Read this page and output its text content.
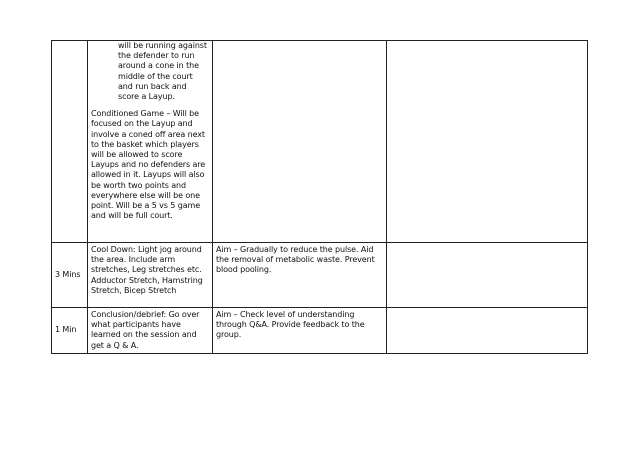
	will be running against the defender to run around a cone in the middle of the court and run back and score a Layup.
Conditioned Game – Will be focused on the Layup and involve a coned off area next to the basket which players will be allowed to score Layups and no defenders are allowed in it. Layups will also be worth two points and everywhere else will be one point. Will be a 5 vs 5 game and will be full court.		

3 Mins	Cool Down: Light jog around the area. Include arm stretches, Leg stretches etc. Adductor Stretch, Hamstring Stretch, Bicep Stretch	Aim – Gradually to reduce the pulse. Aid the removal of metabolic waste. Prevent blood pooling.	
1 Min	Conclusion/debrief: Go over what participants have learned on the session and get a Q & A.	Aim – Check level of understanding through Q&A. Provide feedback to the group.	
